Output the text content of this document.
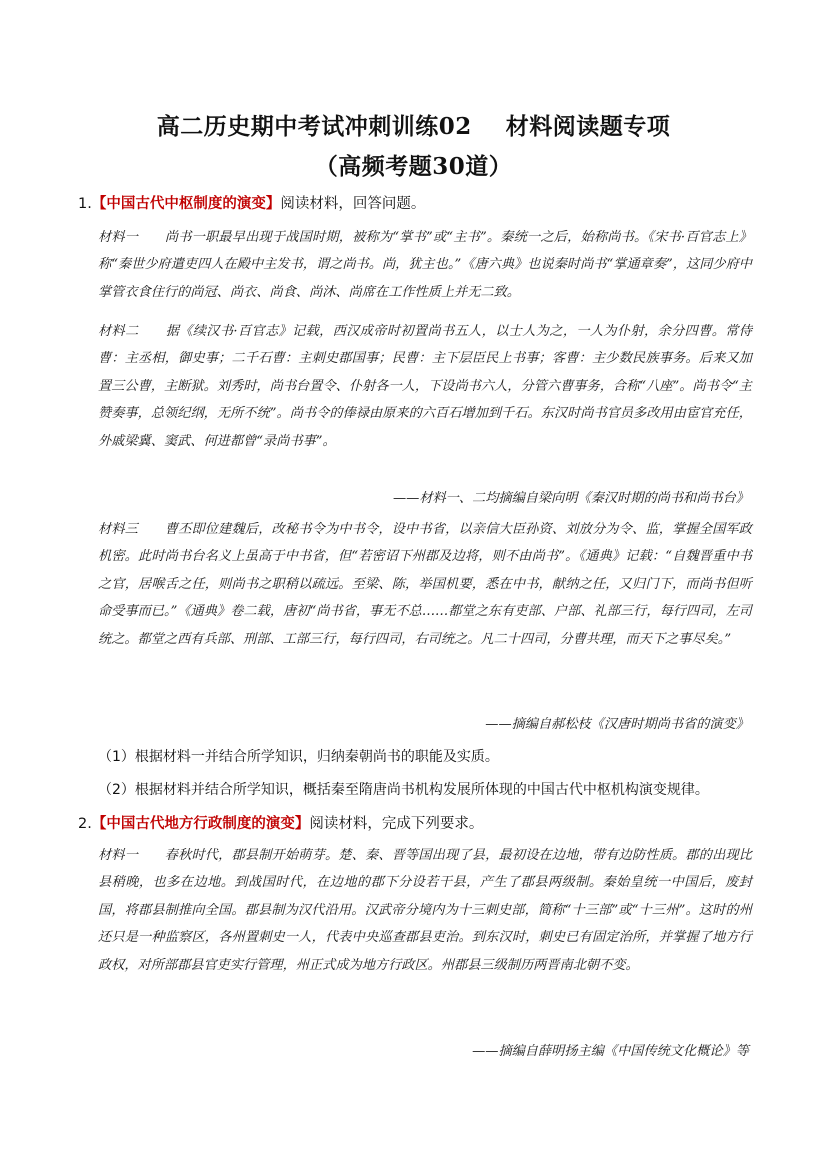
高二历史期中考试冲刺训练02 材料阅读题专项
（高频考题30道）
1.【中国古代中枢制度的演变】阅读材料，回答问题。
材料一　　尚书一职最早出现于战国时期，被称为“掌书”或“主书”。秦统一之后，始称尚书。《宋书·百官志上》称“秦世少府遣吏四人在殿中主发书，谓之尚书。尚，犹主也。”《唐六典》也说秦时尚书“掌通章奏”，这同少府中掌管衣食住行的尚冠、尚衣、尚食、尚沐、尚席在工作性质上并无二致。
材料二　　据《续汉书·百官志》记载，西汉成帝时初置尚书五人，以士人为之，一人为仆射，余分四曹。常侍曹：主丞相，御史事；二千石曹：主刺史郡国事；民曹：主下层臣民上书事；客曹：主少数民族事务。后来又加置三公曹，主断狱。刘秀时，尚书台置令、仆射各一人，下设尚书六人，分管六曹事务，合称“八座”。尚书令“主赞奏事，总领纪纲，无所不统”。尚书令的俸禄由原来的六百石增加到千石。东汉时尚书官员多改用由宦官充任，外戚梁冀、窦武、何进都曾“录尚书事”。
——材料一、二均摘编自梁向明《秦汉时期的尚书和尚书台》
材料三　　曹丕即位建魏后，改秘书令为中书令，设中书省，以亲信大臣孙资、刘放分为令、监，掌握全国军政机密。此时尚书台名义上虽高于中书省，但“若密诏下州郡及边将，则不由尚书”。《通典》记载：“自魏晋重中书之官，居喉舌之任，则尚书之职稍以疏远。至梁、陈，举国机要，悉在中书，献纳之任，又归门下，而尚书但听命受事而已。”《通典》卷二载，唐初“尚书省，事无不总……都堂之东有吏部、户部、礼部三行，每行四司，左司统之。都堂之西有兵部、刑部、工部三行，每行四司，右司统之。凡二十四司，分曹共理，而天下之事尽矣。”
——摘编自郝松枝《汉唐时期尚书省的演变》
（1）根据材料一并结合所学知识，归纳秦朝尚书的职能及实质。
（2）根据材料并结合所学知识，概括秦至隋唐尚书机构发展所体现的中国古代中枢机构演变规律。
2.【中国古代地方行政制度的演变】阅读材料，完成下列要求。
材料一　　春秋时代，郡县制开始萌芽。楚、秦、晋等国出现了县，最初设在边地，带有边防性质。郡的出现比县稍晚，也多在边地。到战国时代，在边地的郡下分设若干县，产生了郡县两级制。秦始皇统一中国后，废封国，将郡县制推向全国。郡县制为汉代沿用。汉武帝分境内为十三刺史部，简称“十三部”或“十三州”。这时的州还只是一种监察区，各州置刺史一人，代表中央巡查郡县吏治。到东汉时，刺史已有固定治所，并掌握了地方行政权，对所部郡县官吏实行管理，州正式成为地方行政区。州郡县三级制历两晋南北朝不变。
——摘编自薛明扬主编《中国传统文化概论》等
